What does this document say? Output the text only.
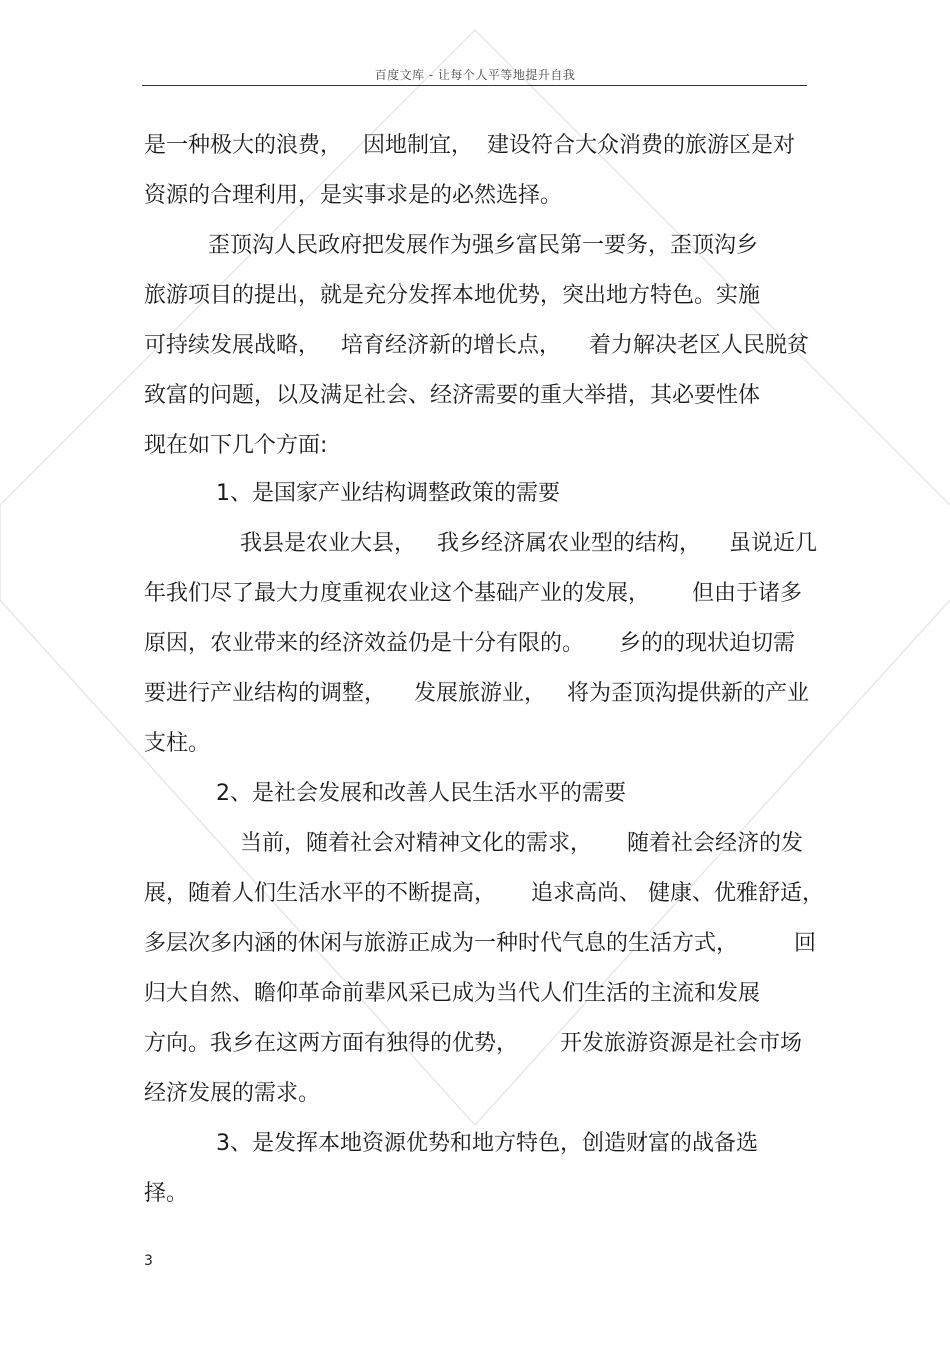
百度文库 - 让每个人平等地提升自我
是一种极大的浪费，   因地制宜，  建设符合大众消费的旅游区是对
资源的合理利用，是实事求是的必然选择。
歪顶沟人民政府把发展作为强乡富民第一要务，歪顶沟乡
旅游项目的提出，就是充分发挥本地优势，突出地方特色。实施
可持续发展战略，   培育经济新的增长点，    着力解决老区人民脱贫
致富的问题，以及满足社会、经济需要的重大举措，其必要性体
现在如下几个方面:
1、是国家产业结构调整政策的需要
我县是农业大县，   我乡经济属农业型的结构，    虽说近几
年我们尽了最大力度重视农业这个基础产业的发展，      但由于诸多
原因，农业带来的经济效益仍是十分有限的。     乡的的现状迫切需
要进行产业结构的调整，    发展旅游业，   将为歪顶沟提供新的产业
支柱。
2、是社会发展和改善人民生活水平的需要
当前，随着社会对精神文化的需求，     随着社会经济的发
展，随着人们生活水平的不断提高，     追求高尚、 健康、优雅舒适，
多层次多内涵的休闲与旅游正成为一种时代气息的生活方式，        回
归大自然、瞻仰革命前辈风采已成为当代人们生活的主流和发展
方向。我乡在这两方面有独得的优势，      开发旅游资源是社会市场
经济发展的需求。
3、是发挥本地资源优势和地方特色，创造财富的战备选
择。
3
